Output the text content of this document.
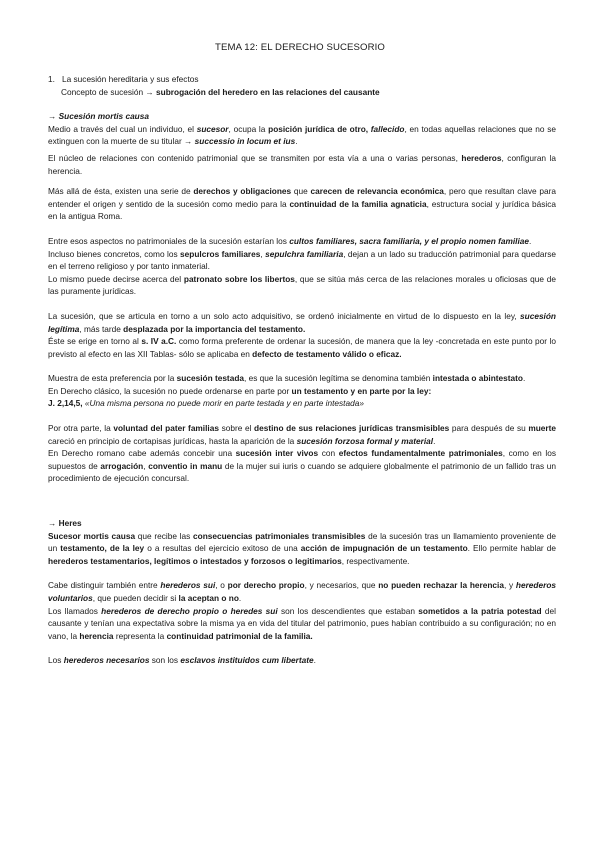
TEMA 12: EL DERECHO SUCESORIO
1. La sucesión hereditaria y sus efectos

Concepto de sucesión → subrogación del heredero en las relaciones del causante

→ Sucesión mortis causa

Medio a través del cual un individuo, el sucesor, ocupa la posición jurídica de otro, fallecido, en todas aquellas relaciones que no se extinguen con la muerte de su titular → successio in locum et ius.

El núcleo de relaciones con contenido patrimonial que se transmiten por esta vía a una o varias personas, herederos, configuran la herencia.

Más allá de ésta, existen una serie de derechos y obligaciones que carecen de relevancia económica, pero que resultan clave para entender el origen y sentido de la sucesión como medio para la continuidad de la familia agnaticia, estructura social y jurídica básica en la antigua Roma.

Entre esos aspectos no patrimoniales de la sucesión estarían los cultos familiares, sacra familiaria, y el propio nomen familiae.

Incluso bienes concretos, como los sepulcros familiares, sepulchra familiaria, dejan a un lado su traducción patrimonial para quedarse en el terreno religioso y por tanto inmaterial.

Lo mismo puede decirse acerca del patronato sobre los libertos, que se sitúa más cerca de las relaciones morales u oficiosas que de las puramente jurídicas.

La sucesión, que se articula en torno a un solo acto adquisitivo, se ordenó inicialmente en virtud de lo dispuesto en la ley, sucesión legítima, más tarde desplazada por la importancia del testamento.

Éste se erige en torno al s. IV a.C. como forma preferente de ordenar la sucesión, de manera que la ley -concretada en este punto por lo previsto al efecto en las XII Tablas- sólo se aplicaba en defecto de testamento válido o eficaz.

Muestra de esta preferencia por la sucesión testada, es que la sucesión legítima se denomina también intestada o abintestato.

En Derecho clásico, la sucesión no puede ordenarse en parte por un testamento y en parte por la ley:

J. 2,14,5, «Una misma persona no puede morir en parte testada y en parte intestada»

Por otra parte, la voluntad del pater familias sobre el destino de sus relaciones jurídicas transmisibles para después de su muerte careció en principio de cortapisas jurídicas, hasta la aparición de la sucesión forzosa formal y material.

En Derecho romano cabe además concebir una sucesión inter vivos con efectos fundamentalmente patrimoniales, como en los supuestos de arrogación, conventio in manu de la mujer sui iuris o cuando se adquiere globalmente el patrimonio de un fallido tras un procedimiento de ejecución concursal.

→ Heres

Sucesor mortis causa que recibe las consecuencias patrimoniales transmisibles de la sucesión tras un llamamiento proveniente de un testamento, de la ley o a resultas del ejercicio exitoso de una acción de impugnación de un testamento. Ello permite hablar de herederos testamentarios, legítimos o intestados y forzosos o legitimarios, respectivamente.

Cabe distinguir también entre herederos sui, o por derecho propio, y necesarios, que no pueden rechazar la herencia, y herederos voluntarios, que pueden decidir si la aceptan o no.

Los llamados herederos de derecho propio o heredes sui son los descendientes que estaban sometidos a la patria potestad del causante y tenían una expectativa sobre la misma ya en vida del titular del patrimonio, pues habían contribuido a su configuración; no en vano, la herencia representa la continuidad patrimonial de la familia.

Los herederos necesarios son los esclavos instituidos cum libertate.
